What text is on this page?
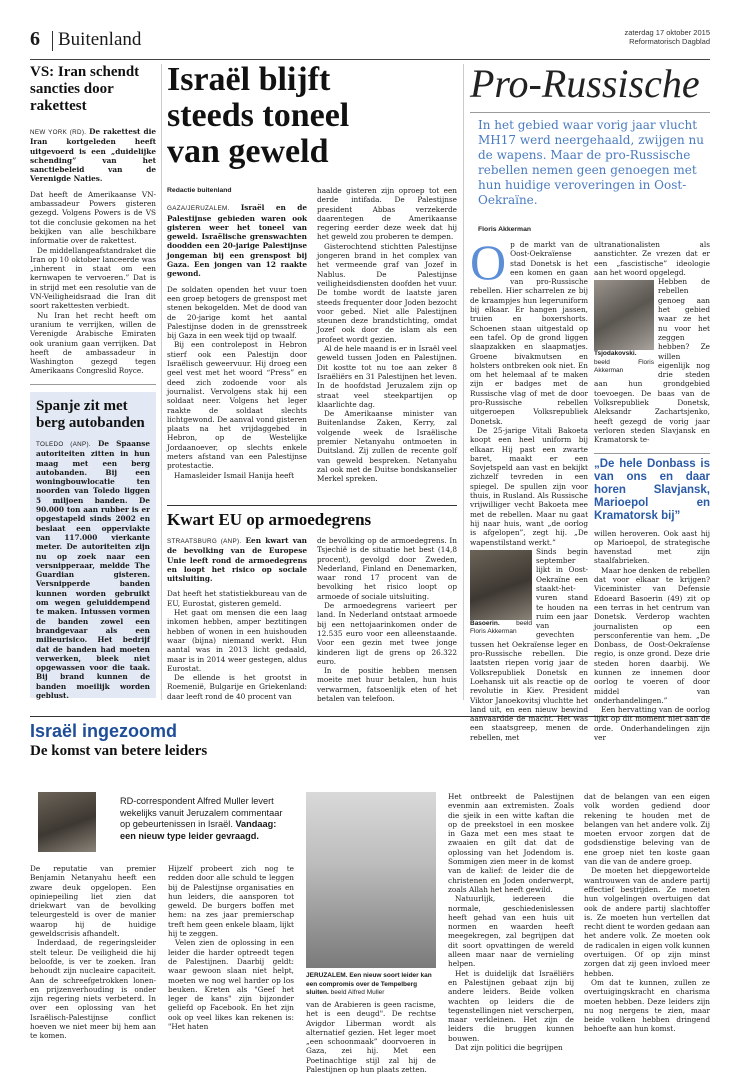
6 Buitenland	zaterdag 17 oktober 2015
Reformatorisch Dagblad
VS: Iran schendt sancties door rakettest

NEW YORK (RD). De rakettest die Iran kortgeleden heeft uitgevoerd is een „duidelijke schending” van het sanctiebeleid van de Verenigde Naties.

Dat heeft de Amerikaanse VN-ambassadeur Powers gisteren gezegd. Volgens Powers is de VS tot die conclusie gekomen na het bekijken van alle beschikbare informatie over de rakettest.

De middellangeafstandraket die Iran op 10 oktober lanceerde was „inherent in staat om een kernwapen te vervoeren.” Dat is in strijd met een resolutie van de VN-Veiligheidsraad die Iran dit soort rakettesten verbiedt.

Nu Iran het recht heeft om uranium te verrijken, willen de Verenigde Arabische Emiraten ook uranium gaan verrijken. Dat heeft de ambassadeur in Washington gezegd tegen Amerikaans Congreslid Royce.

Spanje zit met berg autobanden
TOLEDO (ANP). De Spaanse autoriteiten zitten in hun maag met een berg autobanden. Bij een woningbouwlocatie ten noorden van Toledo liggen 5 miljoen banden. De 90.000 ton aan rubber is er opgestapeld sinds 2002 en beslaat een oppervlakte van 117.000 vierkante meter. De autoriteiten zijn nu op zoek naar een versnipperaar, meldde The Guardian gisteren. Versnipperde banden kunnen worden gebruikt om wegen geluiddempend te maken. Intussen vormen de banden zowel een brandgevaar als een milieurisico. Het bedrijf dat de banden had moeten verwerken, bleek niet opgewassen voor die taak. Bij brand kunnen de banden moeilijk worden geblust.
Israël blijft steeds toneel van geweld
Redactie buitenland

GAZA/JERUZALEM. Israël en de Palestijnse gebieden waren ook gisteren weer het toneel van geweld. Israëlische grenswachten doodden een 20-jarige Palestijnse jongeman bij een grenspost bij Gaza. Een jongen van 12 raakte gewond.

De soldaten openden het vuur toen een groep betogers de grenspost met stenen bekogelden. Met de dood van de 20-jarige komt het aantal Palestijnse doden in de grensstreek bij Gaza in een week tijd op twaalf.

Bij een controlepost in Hebron stierf ook een Palestijn door Israëlisch geweervuur. Hij droeg een geel vest met het woord “Press” en deed zich zodoende voor als journalist. Vervolgens stak hij een soldaat neer. Volgens het leger raakte de soldaat slechts lichtgewond. De aanval vond gisteren plaats na het vrijdaggebed in Hebron, op de Westelijke Jordaanoever, op slechts enkele meters afstand van een Palestijnse protestactie.

Hamasleider Ismail Hanija heeft

haalde gisteren zijn oproep tot een derde intifada. De Palestijnse president Abbas verzekerde daarentegen de Amerikaanse regering eerder deze week dat hij het geweld zou proberen te dempen.

Gisterochtend stichtten Palestijnse jongeren brand in het complex van het vermeende graf van Jozef in Nablus. De Palestijnse veiligheidsdiensten doofden het vuur. De tombe wordt de laatste jaren steeds frequenter door Joden bezocht voor gebed. Niet alle Palestijnen steunen deze brandstichting, omdat Jozef ook door de islam als een profeet wordt gezien.

Al de hele maand is er in Israël veel geweld tussen Joden en Palestijnen. Dit kostte tot nu toe aan zeker 8 Israëliërs en 31 Palestijnen het leven. In de hoofdstad Jeruzalem zijn op straat veel steekpartijen op klaarlichte dag.

De Amerikaanse minister van Buitenlandse Zaken, Kerry, zal volgende week de Israëlische premier Netanyahu ontmoeten in Duitsland. Zij zullen de recente golf van geweld bespreken. Netanyahu zal ook met de Duitse bondskanselier Merkel spreken.

Kwart EU op armoedegrens

STRAATSBURG (ANP). Een kwart van de bevolking van de Europese Unie leeft rond de armoedegrens en loopt het risico op sociale uitsluiting.

Dat heeft het statistiekbureau van de EU, Eurostat, gisteren gemeld.

Het gaat om mensen die een laag inkomen hebben, amper beztitingen hebben of wonen in een huishouden waar (bijna) niemand werkt. Hun aantal was in 2013 licht gedaald, maar is in 2014 weer gestegen, aldus Eurostat.

De ellende is het grootst in Roemenië, Bulgarije en Griekenland: daar leeft rond de 40 procent van

de bevolking op de armoedegrens. In Tsjechië is de situatie het best (14,8 procent), gevolgd door Zweden, Nederland, Finland en Denemarken, waar rond 17 procent van de bevolking het risico loopt op armoede of sociale uitsluiting.

De armoedegrens varieert per land. In Nederland ontstaat armoede bij een nettojaarinkomen onder de 12.535 euro voor een alleenstaande. Voor een gezin met twee jonge kinderen ligt de grens op 26.322 euro.

In de positie hebben mensen moeite met huur betalen, hun huis verwarmen, fatsoenlijk eten of het betalen van telefoon.

Pro-Russische
In het gebied waar vorig jaar vlucht MH17 werd neergehaald, zwijgen nu de wapens. Maar de pro-Russische rebellen nemen geen genoegen met hun huidige veroveringen in Oost-Oekraïne.
Floris Akkerman
O p de markt van de Oost-Oekraïense stad Donetsk is het een komen en gaan van pro-Russische rebellen. Hier scharrelen ze bij de kraampjes hun legeruniform bij elkaar. Er hangen jassen, truien en boxershorts. Schoenen staan uitgestald op een tafel. Op de grond liggen slaapzakken en slaapmatjes. Groene bivakmutsen en holsters ontbreken ook niet. En om het helemaal af te maken zijn er badges met de Russische vlag of met de door pro-Russische rebellen uitgeroepen Volksrepubliek Donetsk.

De 25-jarige Vitali Bakoeta koopt een heel uniform bij elkaar. Hij past een zwarte baret, maakt er een Sovjetspeld aan vast en bekijkt zichzelf tevreden in een spiegel. De spullen zijn voor thuis, in Rusland. Als Russische vrijwilliger vecht Bakoeta mee met de rebellen. Maar nu gaat hij naar huis, want „de oorlog is afgelopen”, zegt hij. „De wapenstilstand werkt.”

Basoerin.	beeld Floris Akkerman

Sinds begin september lijkt in Oost-Oekraïne een staakt-het-vuren stand te houden na ruim een jaar van gevechten tussen het Oekraïense leger en pro-Russische rebellen. Die laatsten riepen vorig jaar de Volksrepubliek Donetsk en Loehansk uit als reactie op de revolutie in Kiev. President Viktor Janoekovitsj vluchtte het land uit, en een nieuw bewind aanvaardde de macht. Het was een staatsgreep, menen de rebellen, met

ultranationalisten als aanstichter. Ze vrezen dat er een „fascistische” ideologie aan het woord opgelegd.

Tsjodakovski. beeld Floris Akkerman

Hebben de rebellen genoeg aan het gebied waar ze het nu voor het zeggen hebben? Ze willen eigenlijk nog drie steden aan hun grondgebied toevoegen. De baas van de Volksrepubliek Donetsk, Aleksandr Zachartsjenko, heeft gezegd de vorig jaar verloren steden Slavjansk en Kramatorsk te-

„De hele Donbass is van ons en daar horen Slavjansk, Marioepol en Kramatorsk bij”

willen heroveren. Ook aast hij op Marioepol, de strategische havenstad met zijn staalfabrieken.

Maar hoe denken de rebellen dat voor elkaar te krijgen? Viceminister van Defensie Edoeard Basoerin (49) zit op een terras in het centrum van Donetsk. Verderop wachten journalisten op een persconferentie van hem. „De Donbass, de Oost-Oekraïense regio, is onze grond. Deze drie steden horen daarbij. We kunnen ze innemen door oorlog te voeren of door middel van onderhandelingen.”

Een hervatting van de oorlog lijkt op dit moment niet aan de orde. Onderhandelingen zijn ver

Israël ingezoomd
De komst van betere leiders
RD-correspondent Alfred Muller levert wekelijks vanuit Jeruzalem commentaar op gebeurtenissen in Israël. Vandaag: een nieuw type leider gevraagd.

De reputatie van premier Benjamin Netanyahu heeft een zware deuk opgelopen. Een opiniepeiling liet zien dat driekwart van de bevolking teleurgesteld is over de manier waarop hij de huidige geweldscrisis afhandelt.

Inderdaad, de regeringsleider stelt teleur. De veiligheid die hij beloofde, is ver te zoeken. Iran behoudt zijn nucleaire capaciteit. Aan de schreefgetrokken lonen- en prijzenverhouding is onder zijn regering niets verbeterd. In over een oplossing van het Israëlisch-Palestijnse conflict hoeven we niet meer bij hem aan te komen.

Hijzelf probeert zich nog te redden door alle schuld te leggen bij de Palestijnse organisaties en hun leiders, die aansporen tot geweld. De burgers boffen met hem: na zes jaar premierschap treft hem geen enkele blaam, lijkt hij te zeggen.

Velen zien de oplossing in een leider die harder optreedt tegen de Palestijnen. Daarbij geldt: waar gewoon slaan niet helpt, moeten we nog wel harder op los beuken. Kreten als "Geef het leger de kans" zijn bijzonder geliefd op Facebook. En het zijn ook op veel likes kan rekenen is: "Het haten

JERUZALEM. Een nieuw soort leider kan een compromis over de Tempelberg sluiten. beeld Alfred Muller

van de Arabieren is geen racisme, het is een deugd". De rechtse Avigdor Liberman wordt als alternatief gezien. Het leger moet „een schoonmaak” doorvoeren in Gaza, zei hij. Met een Poetinachtige stijl zal hij de Palestijnen op hun plaats zetten.

Het ontbreekt de Palestijnen evenmin aan extremisten. Zoals die sjeik in een witte kaftan die op de preekstoel in een moskee in Gaza met een mes staat te zwaaien en gilt dat dat de oplossing van het Jodendom is. Sommigen zien meer in de komst van de kalief: de leider die de christenen en Joden onderwerpt, zoals Allah het heeft gewild.

Natuurlijk, iedereen die normale, geschiedenislessen heeft gehad van een huis uit normen en waarden heeft meegekregen, zal begrijpen dat dit soort opvattingen de wereld alleen maar naar de vernieling helpen.

Het is duidelijk dat Israëliërs en Palestijnen gebaat zijn bij andere leiders. Beide volken wachten op leiders die de tegenstellingen niet verscherpen, maar verkleinen. Het zijn de leiders die bruggen kunnen bouwen.

Dat zijn politici die begrijpen

dat de belangen van een eigen volk worden gediend door rekening te houden met de belangen van het andere volk. Zij moeten ervoor zorgen dat de godsdienstige beleving van de ene groep niet ten koste gaan van die van de andere groep.

De moeten het diepgewortelde wantrouwen van de andere partij effectief bestrijden. Ze moeten hun volgelingen overtuigen dat ook de andere partij slachtoffer is. Ze moeten hun vertellen dat recht dient te worden gedaan aan het andere volk. Ze moeten ook de radicalen in eigen volk kunnen overtuigen. Of op zijn minst zorgen dat zij geen invloed meer hebben.

Om dat te kunnen, zullen ze overtuigingskracht en charisma moeten hebben. Deze leiders zijn nu nog nergens te zien, maar beide volken hebben dringend behoefte aan hun komst.
